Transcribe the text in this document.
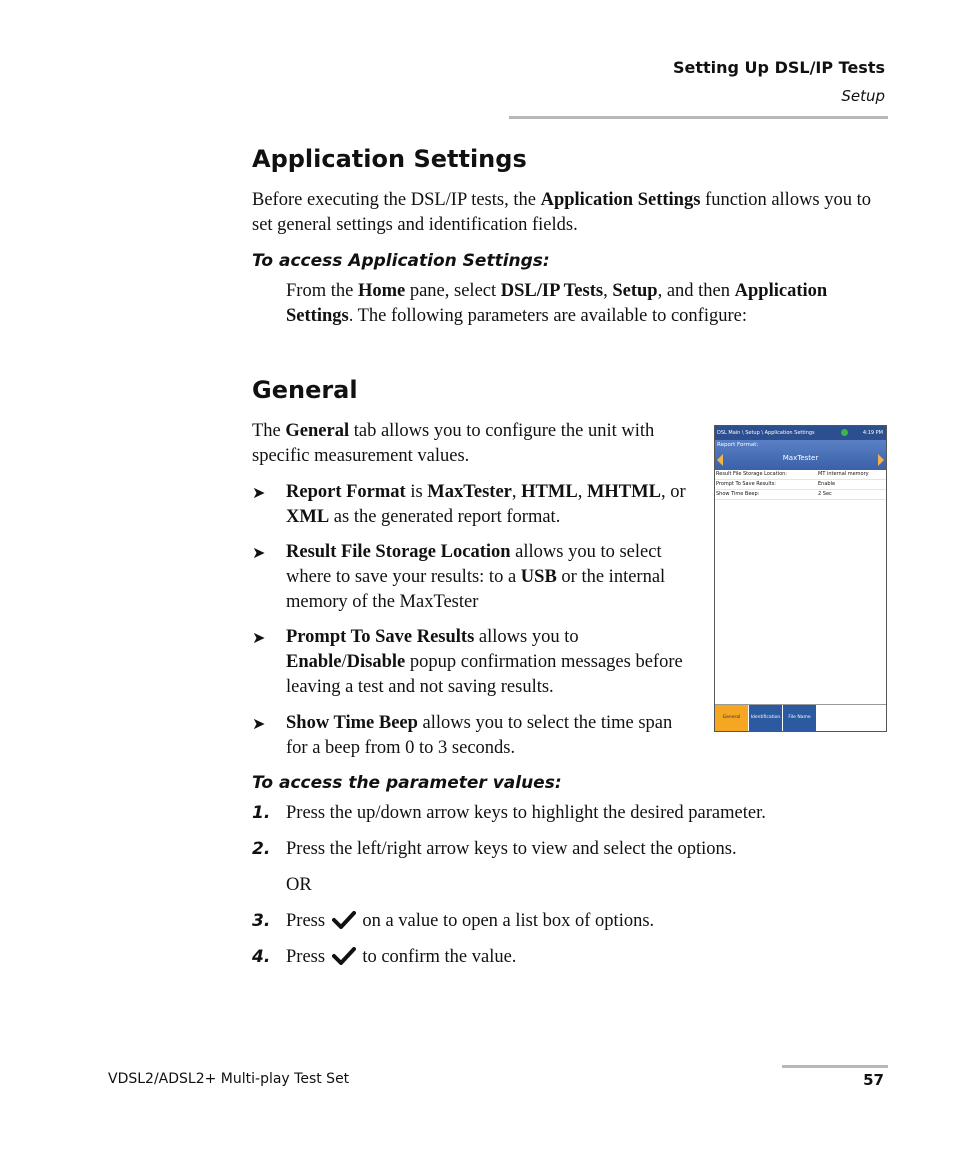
Setting Up DSL/IP Tests
Setup
Application Settings
Before executing the DSL/IP tests, the Application Settings function allows you to set general settings and identification fields.
To access Application Settings:
From the Home pane, select DSL/IP Tests, Setup, and then Application Settings. The following parameters are available to configure:
General
The General tab allows you to configure the unit with specific measurement values.
➤ Report Format is MaxTester, HTML, MHTML, or XML as the generated report format.
➤ Result File Storage Location allows you to select where to save your results: to a USB or the internal memory of the MaxTester
➤ Prompt To Save Results allows you to Enable/Disable popup confirmation messages before leaving a test and not saving results.
➤ Show Time Beep allows you to select the time span for a beep from 0 to 3 seconds.
DSL Main \ Setup \ Application Settings	4:19 PM
Report Format:
MaxTester
Result File Storage Location:	MT internal memory
Prompt To Save Results:	Enable
Show Time Beep:	2 Sec
General	Identification	File Name
To access the parameter values:
1. Press the up/down arrow keys to highlight the desired parameter.
2. Press the left/right arrow keys to view and select the options.
OR
3. Press on a value to open a list box of options.
4. Press to confirm the value.
VDSL2/ADSL2+ Multi-play Test Set	57
